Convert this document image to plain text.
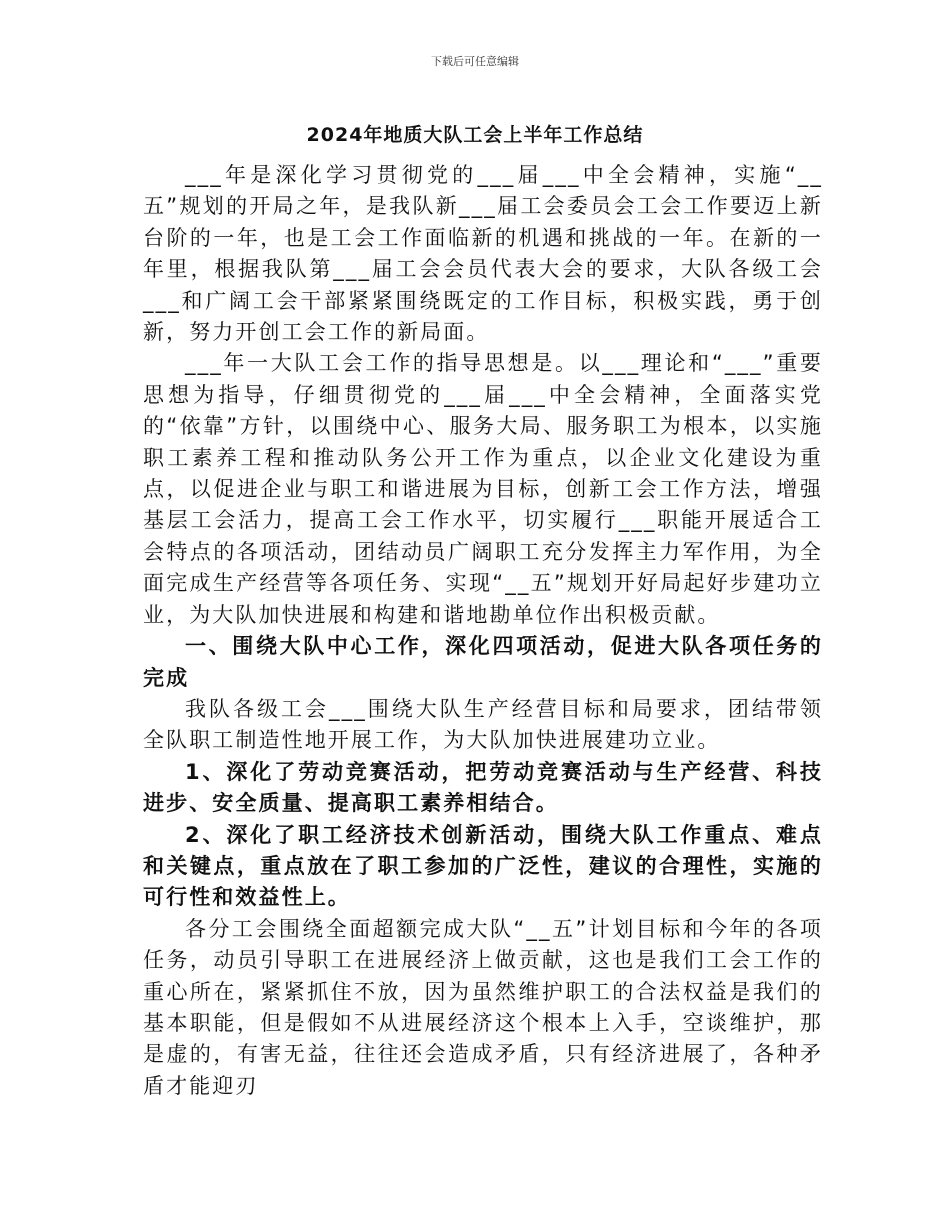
下载后可任意编辑
2024年地质大队工会上半年工作总结

___年是深化学习贯彻党的___届___中全会精神，实施“__五”规划的开局之年，是我队新___届工会委员会工会工作要迈上新台阶的一年，也是工会工作面临新的机遇和挑战的一年。在新的一年里，根据我队第___届工会会员代表大会的要求，大队各级工会___和广阔工会干部紧紧围绕既定的工作目标，积极实践，勇于创新，努力开创工会工作的新局面。

___年一大队工会工作的指导思想是。以___理论和“___”重要思想为指导，仔细贯彻党的___届___中全会精神，全面落实党的“依靠”方针，以围绕中心、服务大局、服务职工为根本，以实施职工素养工程和推动队务公开工作为重点，以企业文化建设为重点，以促进企业与职工和谐进展为目标，创新工会工作方法，增强基层工会活力，提高工会工作水平，切实履行___职能开展适合工会特点的各项活动，团结动员广阔职工充分发挥主力军作用，为全面完成生产经营等各项任务、实现“__五”规划开好局起好步建功立业，为大队加快进展和构建和谐地勘单位作出积极贡献。

一、围绕大队中心工作，深化四项活动，促进大队各项任务的完成

我队各级工会___围绕大队生产经营目标和局要求，团结带领全队职工制造性地开展工作，为大队加快进展建功立业。

1、深化了劳动竞赛活动，把劳动竞赛活动与生产经营、科技进步、安全质量、提高职工素养相结合。

2、深化了职工经济技术创新活动，围绕大队工作重点、难点和关键点，重点放在了职工参加的广泛性，建议的合理性，实施的可行性和效益性上。

各分工会围绕全面超额完成大队“__五”计划目标和今年的各项任务，动员引导职工在进展经济上做贡献，这也是我们工会工作的重心所在，紧紧抓住不放，因为虽然维护职工的合法权益是我们的基本职能，但是假如不从进展经济这个根本上入手，空谈维护，那是虚的，有害无益，往往还会造成矛盾，只有经济进展了，各种矛盾才能迎刃
